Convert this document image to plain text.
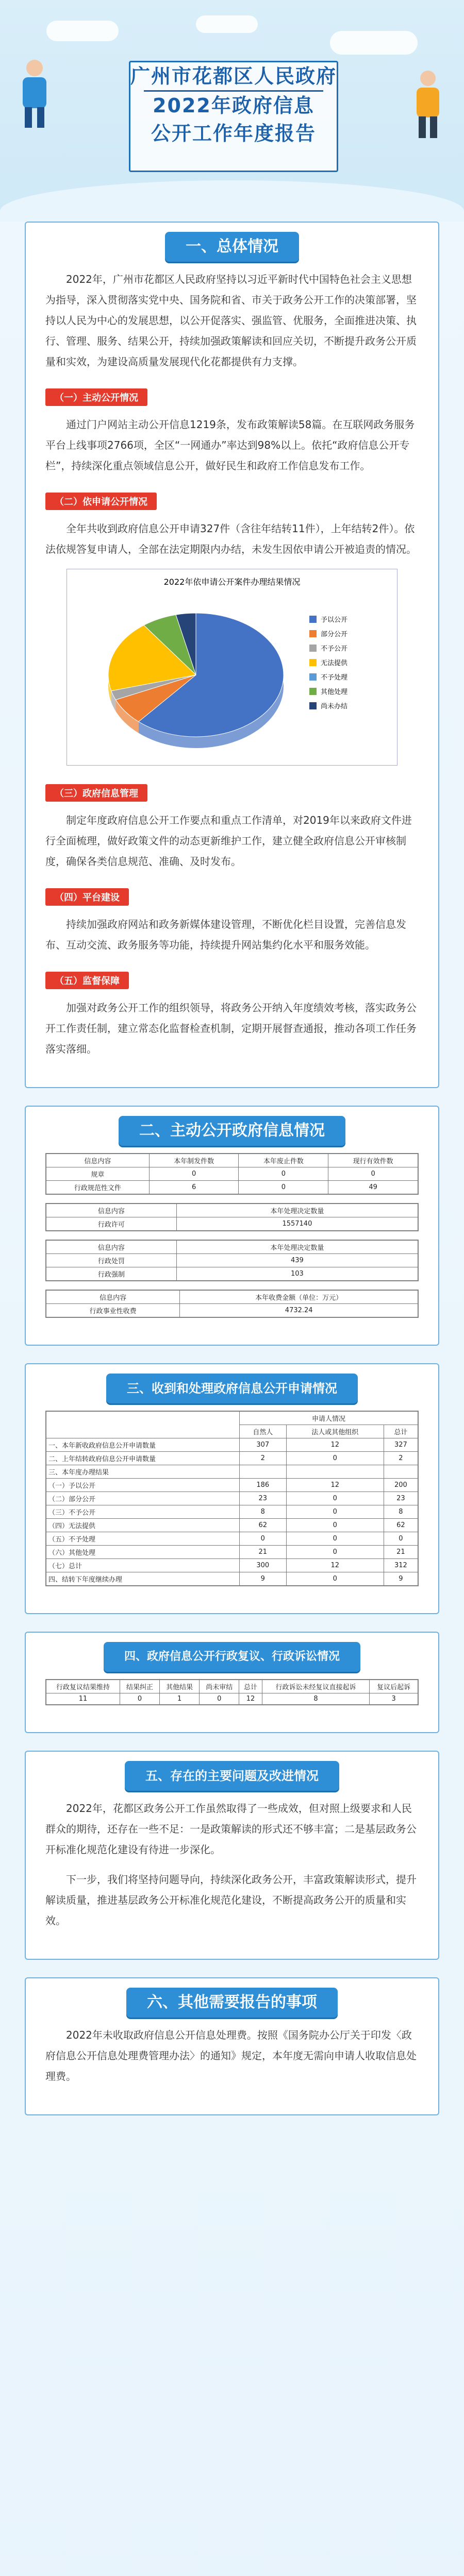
广州市花都区人民政府
2022年政府信息
公开工作年度报告
一、总体情况

2022年，广州市花都区人民政府坚持以习近平新时代中国特色社会主义思想为指导，深入贯彻落实党中央、国务院和省、市关于政务公开工作的决策部署，坚持以人民为中心的发展思想，以公开促落实、强监管、优服务，全面推进决策、执行、管理、服务、结果公开，持续加强政策解读和回应关切，不断提升政务公开质量和实效，为建设高质量发展现代化花都提供有力支撑。

（一）主动公开情况

通过门户网站主动公开信息1219条，发布政策解读58篇。在互联网政务服务平台上线事项2766项，全区“一网通办”率达到98%以上。依托“政府信息公开专栏”，持续深化重点领域信息公开，做好民生和政府工作信息发布工作。

（二）依申请公开情况

全年共收到政府信息公开申请327件（含往年结转11件），上年结转2件）。依法依规答复申请人，全部在法定期限内办结，未发生因依申请公开被追责的情况。

2022年依申请公开案件办理结果情况
予以公开
部分公开
不予公开
无法提供
不予处理
其他处理
尚未办结
（三）政府信息管理

制定年度政府信息公开工作要点和重点工作清单，对2019年以来政府文件进行全面梳理，做好政策文件的动态更新维护工作，建立健全政府信息公开审核制度，确保各类信息规范、准确、及时发布。

（四）平台建设

持续加强政府网站和政务新媒体建设管理，不断优化栏目设置，完善信息发布、互动交流、政务服务等功能，持续提升网站集约化水平和服务效能。

（五）监督保障

加强对政务公开工作的组织领导，将政务公开纳入年度绩效考核，落实政务公开工作责任制，建立常态化监督检查机制，定期开展督查通报，推动各项工作任务落实落细。

二、主动公开政府信息情况
信息内容	本年制发件数	本年废止件数	现行有效件数
规章	0	0	0
行政规范性文件	6	0	49
信息内容	本年处理决定数量
行政许可	1557140
信息内容	本年处理决定数量
行政处罚	439
行政强制	103
信息内容	本年收费金额（单位：万元）
行政事业性收费	4732.24
三、收到和处理政府信息公开申请情况
	申请人情况		
	自然人	法人或其他组织	总计
一、本年新收政府信息公开申请数量	307	12	327
二、上年结转政府信息公开申请数量	2	0	2
三、本年度办理结果			
（一）予以公开	186	12	200
（二）部分公开	23	0	23
（三）不予公开	8	0	8
（四）无法提供	62	0	62
（五）不予处理	0	0	0
（六）其他处理	21	0	21
（七）总计	300	12	312
四、结转下年度继续办理	9	0	9
四、政府信息公开行政复议、行政诉讼情况
行政复议结果维持	结果纠正	其他结果	尚未审结	总计	行政诉讼未经复议直接起诉	复议后起诉
11	0	1	0	12	8	3
五、存在的主要问题及改进情况

2022年，花都区政务公开工作虽然取得了一些成效，但对照上级要求和人民群众的期待，还存在一些不足：一是政策解读的形式还不够丰富；二是基层政务公开标准化规范化建设有待进一步深化。

下一步，我们将坚持问题导向，持续深化政务公开，丰富政策解读形式，提升解读质量，推进基层政务公开标准化规范化建设，不断提高政务公开的质量和实效。

六、其他需要报告的事项

2022年未收取政府信息公开信息处理费。按照《国务院办公厅关于印发〈政府信息公开信息处理费管理办法〉的通知》规定，本年度无需向申请人收取信息处理费。
